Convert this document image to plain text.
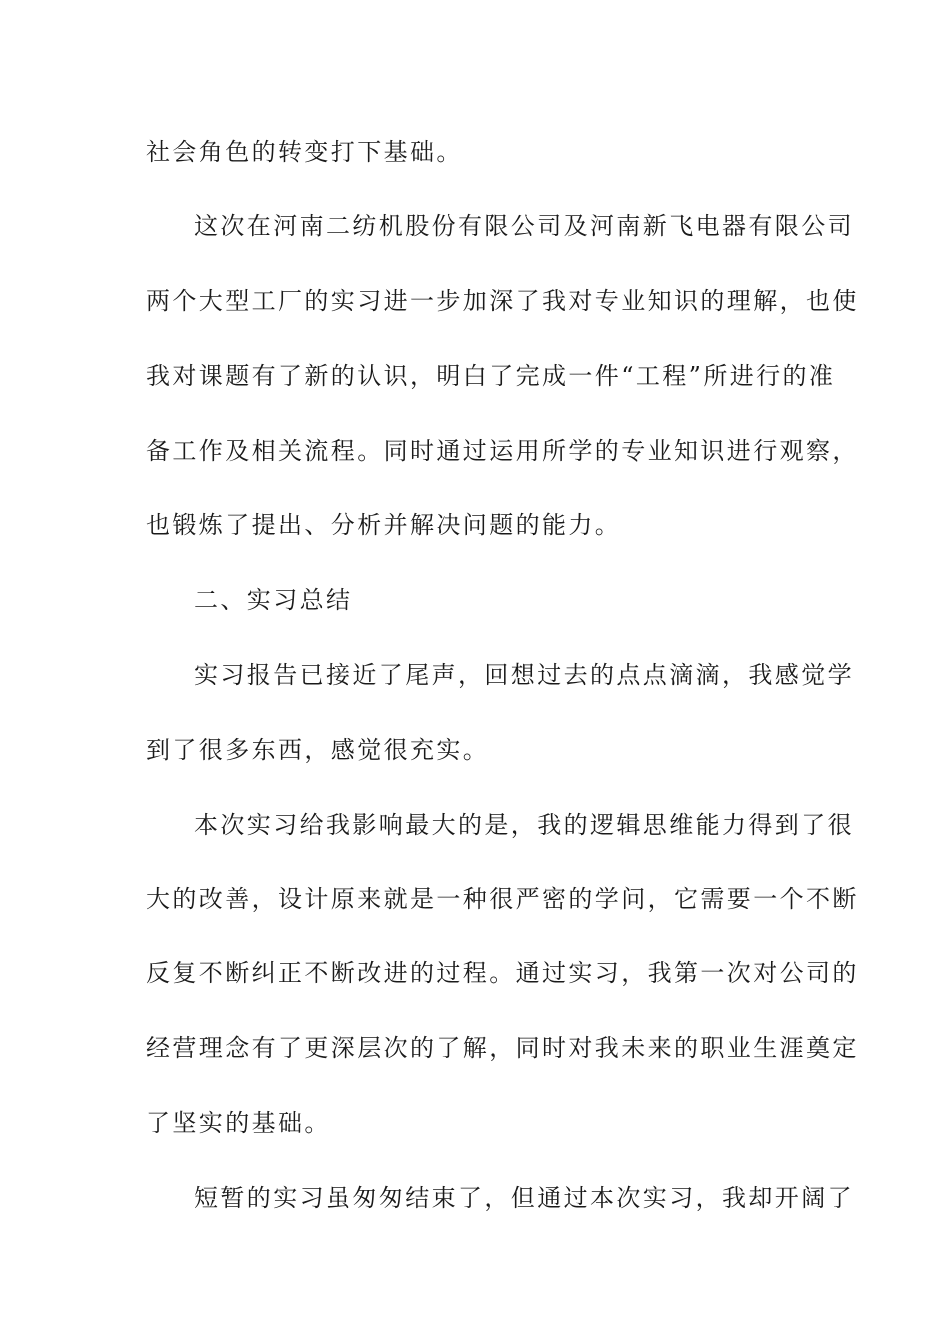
社会角色的转变打下基础。
这次在河南二纺机股份有限公司及河南新飞电器有限公司
两个大型工厂的实习进一步加深了我对专业知识的理解，也使
我对课题有了新的认识，明白了完成一件“工程”所进行的准
备工作及相关流程。同时通过运用所学的专业知识进行观察，
也锻炼了提出、分析并解决问题的能力。
二、实习总结
实习报告已接近了尾声，回想过去的点点滴滴，我感觉学
到了很多东西，感觉很充实。
本次实习给我影响最大的是，我的逻辑思维能力得到了很
大的改善，设计原来就是一种很严密的学问，它需要一个不断
反复不断纠正不断改进的过程。通过实习，我第一次对公司的
经营理念有了更深层次的了解，同时对我未来的职业生涯奠定
了坚实的基础。
短暂的实习虽匆匆结束了，但通过本次实习，我却开阔了
